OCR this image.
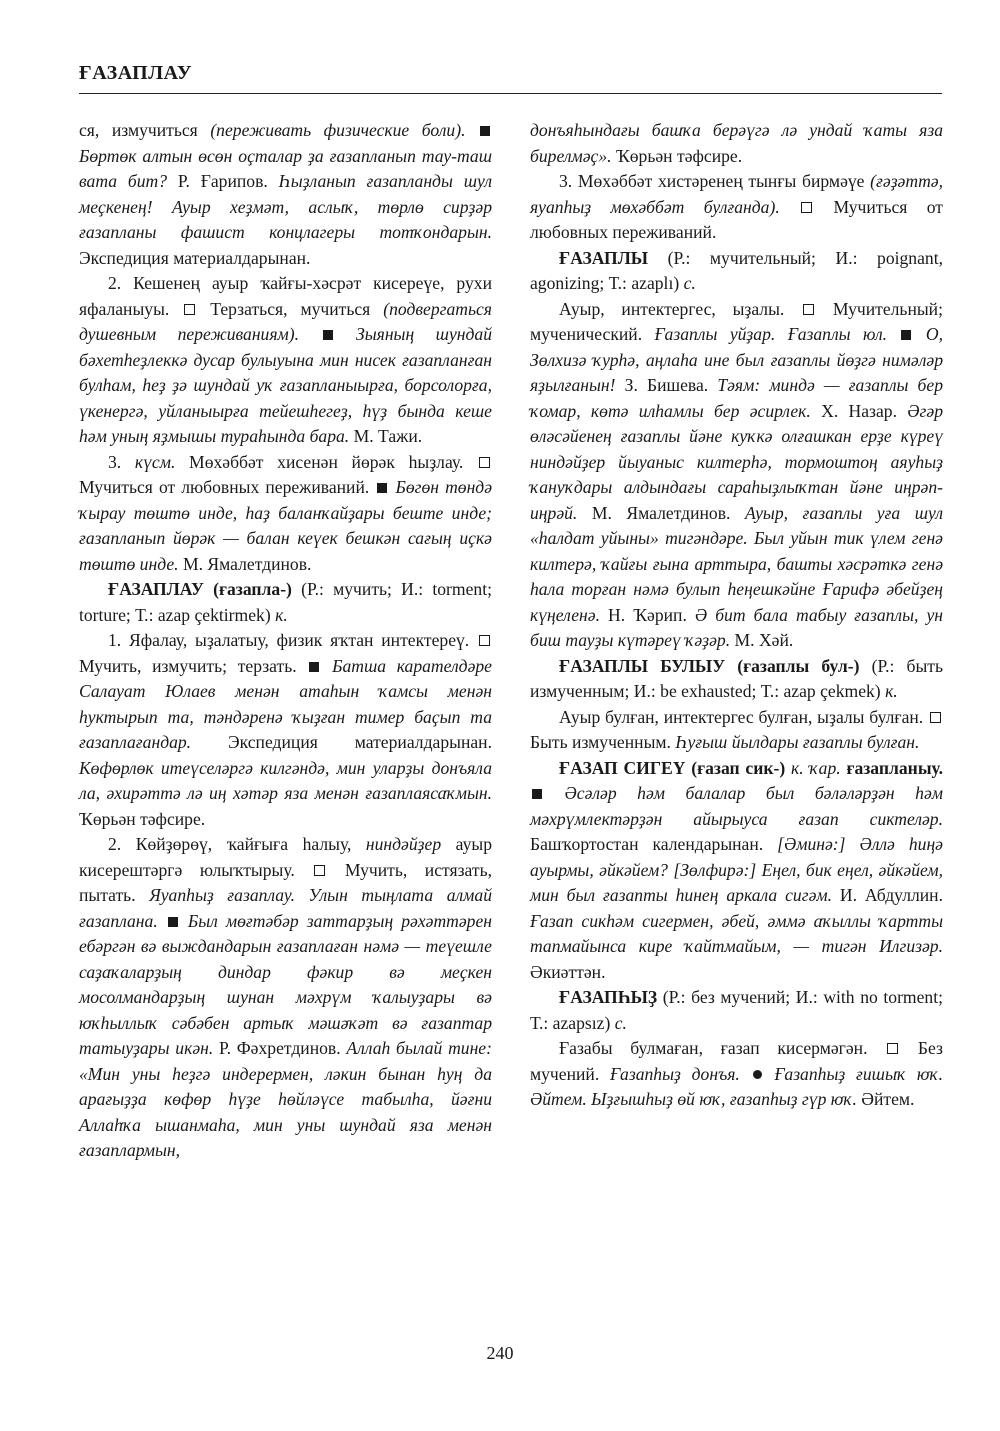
ҒАЗАПЛАУ

ся, измучиться (переживать физические боли).  Бөртөк алтын өсөн оҫталар ҙа ғазапланып тау-таш вата бит? Р. Ғарипов. Һыҙланып ғазапланды шул меҫкенең! Ауыр хеҙмәт, аслыҡ, төрлө сирҙәр ғазапланы фашист концлагеры тотҡондарын. Экспедиция материалдарынан.

2. Кешенең ауыр ҡайғы-хәсрәт кисереүе, рухи яфаланыуы. Терзаться, мучиться (подвергаться душевным переживаниям).	Зыяның шундай бәхетһеҙлеккә дусар булыуына мин нисек ғазапланған булһам, һеҙ ҙә шундай уҡ ғазапланыырға, борсолорға, үкенергә, уйланыырға тейешһегеҙ, һүҙ бында кеше һәм уның яҙмышы тураһында бара. М. Тажи.

3. күсм. Мөхәббәт хисенән йөрәк һыҙлау.  Мучиться от любовных переживаний. Бөгөн төндә ҡырау төштө инде, һаҙ баланҡайҙары беште инде; ғазапланып йөрәк — балан кеүек бешкән сағың иҫкә төштө инде. М. Ямалетдинов.

ҒАЗАПЛАУ (ғазапла-) (Р.: мучить; И.: torment; torture; Т.: azap çektirmek) к.

1. Яфалау, ыҙалатыу, физик яҡтан интектереү.  Мучить, измучить; терзать. Батша карателдәре Салауат Юлаев менән атаһын ҡамсы менән һуктырып та, тәндәренә ҡыҙған тимер баҫып та ғазаплағандар. Экспедиция материалдарынан. Көфөрлөк итеүселәргә килгәндә, мин уларҙы донъяла ла, әхирәттә лә иң хәтәр яза менән ғазаплаясаҡмын. Ҡөрьән тәфсире.

2. Көйҙөрөү, ҡайғыға һалыу, ниндәйҙер ауыр кисерештәргә юлыҡтырыу.	Мучить, истязать, пытать. Яуапһыҙ ғазаплау. Улын тыңлата алмай ғазаплана. Был мөғтәбәр заттарҙың рәхәттәрен ебәргән вә выждандарын ғазаплаған нәмә — теүешле саҙаҡаларҙың диндар фәкир вә меҫкен мосолмандарҙың шунан мәхрүм ҡалыуҙары вә юҡһыллыҡ сәбәбен артыҡ мәшәҡәт вә ғазаптар татыуҙары икән. Р. Фәхретдинов. Аллаһ былай тине: «Мин уны һеҙгә индерермен, ләкин бынан һуң да арағыҙҙа көфөр һүҙе һөйләүсе табылһа, йәғни Аллаһҡа ышанмаһа, мин уны шундай яза менән ғазаплармын,

донъяһындағы башҡа берәүгә лә ундай ҡаты яза бирелмәҫ». Ҡөрьән тәфсире.

3. Мөхәббәт хистәренең тынғы бирмәүе (ғәҙәттә, яуапһыҙ мөхәббәт булғанда).	Мучиться от любовных переживаний.

ҒАЗАПЛЫ (Р.: мучительный; И.: poignant, agonizing; Т.: azaplı) с.

Ауыр, интектергес, ыҙалы.	Мучительный; мученический. Ғазаплы уйҙар. Ғазаплы юл. О, Зөлхизә ҡурһә, аңлаһа ине был ғазаплы йөҙгә нимәләр яҙылғанын! З. Бишева. Тәям: миндә — ғазаплы бер ҡомар, көтә илһамлы бер әсирлек. Х. Назар. Әгәр өләсәйенең ғазаплы йәне куҡкә олғашкан ерҙе күреү ниндәйҙер йыуаныс килтерһә, тормоштоң аяуһыҙ ҡануҡдары алдындағы сараһыҙлыҡтан йәне иңрәп-иңрәй. М. Ямалетдинов. Ауыр, ғазаплы уға шул «һалдат уйыны» тигәндәре. Был уйын тик үлем генә килтерә, ҡайғы ғына арттыра, башты хәсрәткә генә һала торған нәмә булып һеңешкәйне Ғарифә әбейҙең күңеленә. Н. Ҡәрип. Ә бит бала табыу ғазаплы, ун биш тауҙы күтәреү ҡәҙәр. М. Хәй.

ҒАЗАПЛЫ БУЛЫУ (ғазаплы бул-) (Р.: быть измученным; И.: be exhausted; Т.: azap çekmek) к.

Ауыр булған, интектергес булған, ыҙалы булған.  Быть измученным. Һуғыш йылдары ғазаплы булған.

ҒАЗАП СИГЕҮ (ғазап сик-) к. ҡар. ғазапланыу.  Әсәләр һәм балалар был бәләләрҙән һәм мәхрүмлектәрҙән айырыуса ғазап сиктеләр. Башҡортостан календарынан. [Әминә:] Әллә һиңә ауырмы, әйкәйем? [Зөлфирә:] Еңел, бик еңел, әйкәйем, мин был ғазапты һинең аркала сигәм. И. Абдуллин. Ғазап сикһәм сигермен, әбей, әммә аҡыллы ҡартты тапмайынса кире ҡайтмайым, — тигән Илгизәр. Әкиәттән.

ҒАЗАПҺЫҘ (Р.: без мучений; И.: with no torment; Т.: azapsız) с.

Ғазабы булмаған, ғазап кисермәгән.	Без мучений. Ғазапһыҙ донъя. Ғазапһыҙ ғишыҡ юҡ. Әйтем. Ыҙғышһыҙ өй юҡ, ғазапһыҙ гүр юҡ. Әйтем.

240
